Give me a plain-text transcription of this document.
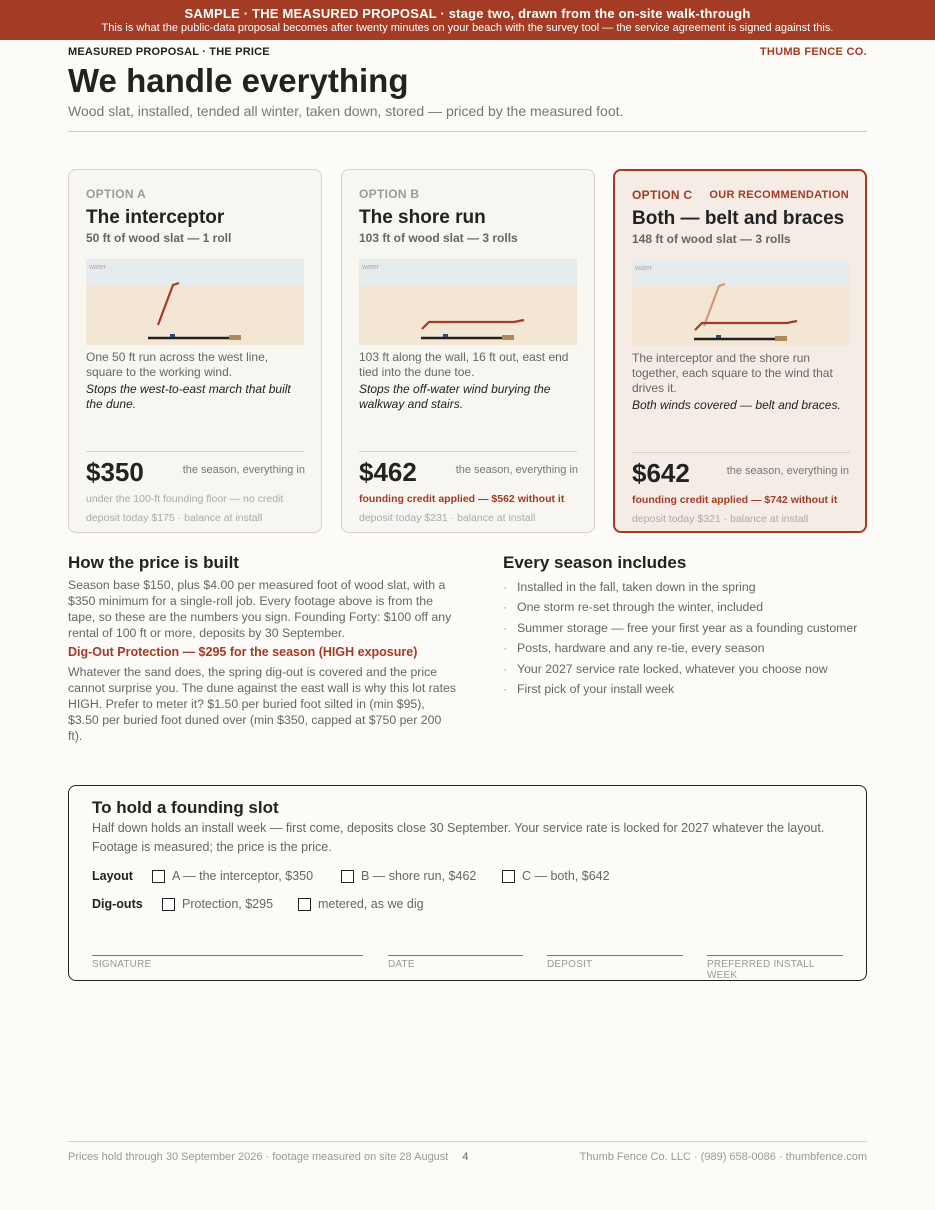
SAMPLE · THE MEASURED PROPOSAL · stage two, drawn from the on-site walk-through
This is what the public-data proposal becomes after twenty minutes on your beach with the survey tool — the service agreement is signed against this.
MEASURED PROPOSAL · THE PRICE	THUMB FENCE CO.
We handle everything
Wood slat, installed, tended all winter, taken down, stored — priced by the measured foot.
OPTION A
The interceptor
50 ft of wood slat — 1 roll
water
One 50 ft run across the west line, square to the working wind.
Stops the west-to-east march that built the dune.
$350	the season, everything in
under the 100-ft founding floor — no credit
deposit today $175 · balance at install
OPTION B
The shore run
103 ft of wood slat — 3 rolls
water
103 ft along the wall, 16 ft out, east end tied into the dune toe.
Stops the off-water wind burying the walkway and stairs.
$462	the season, everything in
founding credit applied — $562 without it
deposit today $231 · balance at install
OPTION C OUR RECOMMENDATION
Both — belt and braces
148 ft of wood slat — 3 rolls
water
The interceptor and the shore run together, each square to the wind that drives it.
Both winds covered — belt and braces.
$642	the season, everything in
founding credit applied — $742 without it
deposit today $321 · balance at install
How the price is built
Season base $150, plus $4.00 per measured foot of wood slat, with a $350 minimum for a single-roll job. Every footage above is from the tape, so these are the numbers you sign. Founding Forty: $100 off any rental of 100 ft or more, deposits by 30 September.
Dig-Out Protection — $295 for the season (HIGH exposure)
Whatever the sand does, the spring dig-out is covered and the price cannot surprise you. The dune against the east wall is why this lot rates HIGH. Prefer to meter it? $1.50 per buried foot silted in (min $95), $3.50 per buried foot duned over (min $350, capped at $750 per 200 ft).
Every season includes
· Installed in the fall, taken down in the spring
· One storm re-set through the winter, included
· Summer storage — free your first year as a founding customer
· Posts, hardware and any re-tie, every season
· Your 2027 service rate locked, whatever you choose now
· First pick of your install week
To hold a founding slot
Half down holds an install week — first come, deposits close 30 September. Your service rate is locked for 2027 whatever the layout. Footage is measured; the price is the price.
Layout	A — the interceptor, $350	B — shore run, $462	C — both, $642
Dig-outs	Protection, $295	metered, as we dig
SIGNATURE	DATE	DEPOSIT	PREFERRED INSTALL WEEK
Prices hold through 30 September 2026 · footage measured on site 28 August 4	Thumb Fence Co. LLC · (989) 658-0086 · thumbfence.com
